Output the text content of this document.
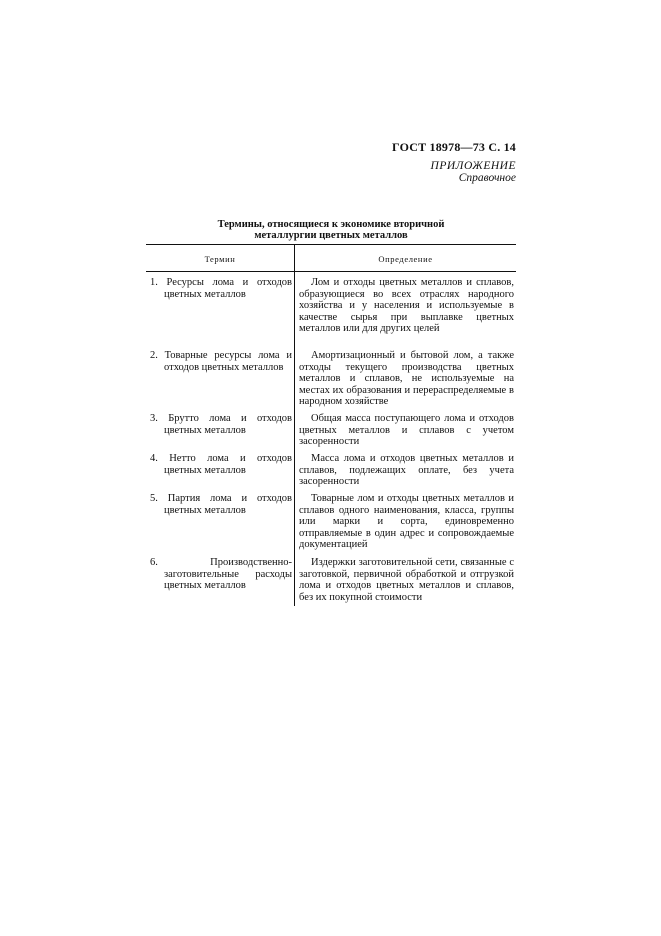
ГОСТ 18978—73 С. 14
ПРИЛОЖЕНИЕ
Справочное
Термины, относящиеся к экономике вторичной
металлургии цветных металлов
Термин	Определение
1. Ресурсы лома и отходов цветных металлов
Лом и отходы цветных металлов и сплавов, образующиеся во всех отраслях народного хозяйства и у населения и используемые в качестве сырья при выплавке цветных металлов или для других целей
2. Товарные ресурсы лома и отходов цветных металлов
Амортизационный и бытовой лом, а также отходы текущего производства цветных металлов и сплавов, не используемые на местах их образования и перераспределяемые в народном хозяйстве
3. Брутто лома и отходов цветных металлов
Общая масса поступающего лома и отходов цветных металлов и сплавов с учетом засоренности
4. Нетто лома и отходов цветных металлов
Масса лома и отходов цветных металлов и сплавов, подлежащих оплате, без учета засоренности
5. Партия лома и отходов цветных металлов
Товарные лом и отходы цветных металлов и сплавов одного наименования, класса, группы или марки и сорта, единовременно отправляемые в один адрес и сопровождаемые документацией
6. Производственно-заготовительные расходы цветных металлов
Издержки заготовительной сети, связанные с заготовкой, первичной обработкой и отгрузкой лома и отходов цветных металлов и сплавов, без их покупной стоимости
